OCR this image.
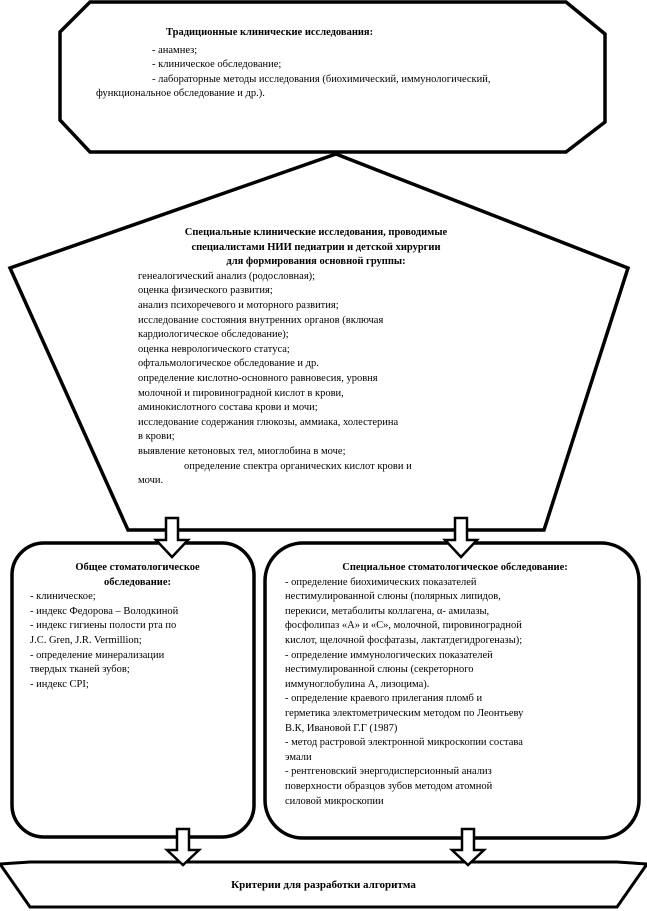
Традиционные клинические исследования:
- анамнез;
- клиническое обследование;
- лабораторные методы исследования (биохимический, иммунологический,
функциональное обследование и др.).
Специальные клинические исследования, проводимые
специалистами НИИ педиатрии и детской хирургии
для формирования основной группы:
генеалогический анализ (родословная);
оценка физического развития;
анализ психоречевого и моторного развития;
исследование состояния внутренних органов (включая
кардиологическое обследование);
оценка неврологического статуса;
офтальмологическое обследование и др.
определение кислотно-основного равновесия, уровня
молочной и пировиноградной кислот в крови,
аминокислотного состава крови и мочи;
исследование содержания глюкозы, аммиака, холестерина
в крови;
выявление кетоновых тел, миоглобина в моче;
определение спектра органических кислот крови и
мочи.
Общее стоматологическое
обследование:
- клиническое;
- индекс Федорова – Володкиной
- индекс гигиены полости рта по
J.C. Gren, J.R. Vermillion;
- определение минерализации
твердых тканей зубов;
- индекс CPI;
Специальное стоматологическое обследование:
- определение биохимических показателей
нестимулированной слюны (полярных липидов,
перекиси, метаболиты коллагена, α- амилазы,
фосфолипаз «А» и «С», молочной, пировиноградной
кислот, щелочной фосфатазы, лактатдегидрогеназы);
- определение иммунологических показателей
нестимулированной слюны (секреторного
иммуноглобулина А, лизоцима).
- определение краевого прилегания пломб и
герметика электометрическим методом по Леонтьеву
В.К, Ивановой Г.Г (1987)
- метод растровой электронной микроскопии состава
эмали
- рентгеновский энергодисперсионный анализ
поверхности образцов зубов методом атомной
силовой микроскопии
Критерии для разработки алгоритма
